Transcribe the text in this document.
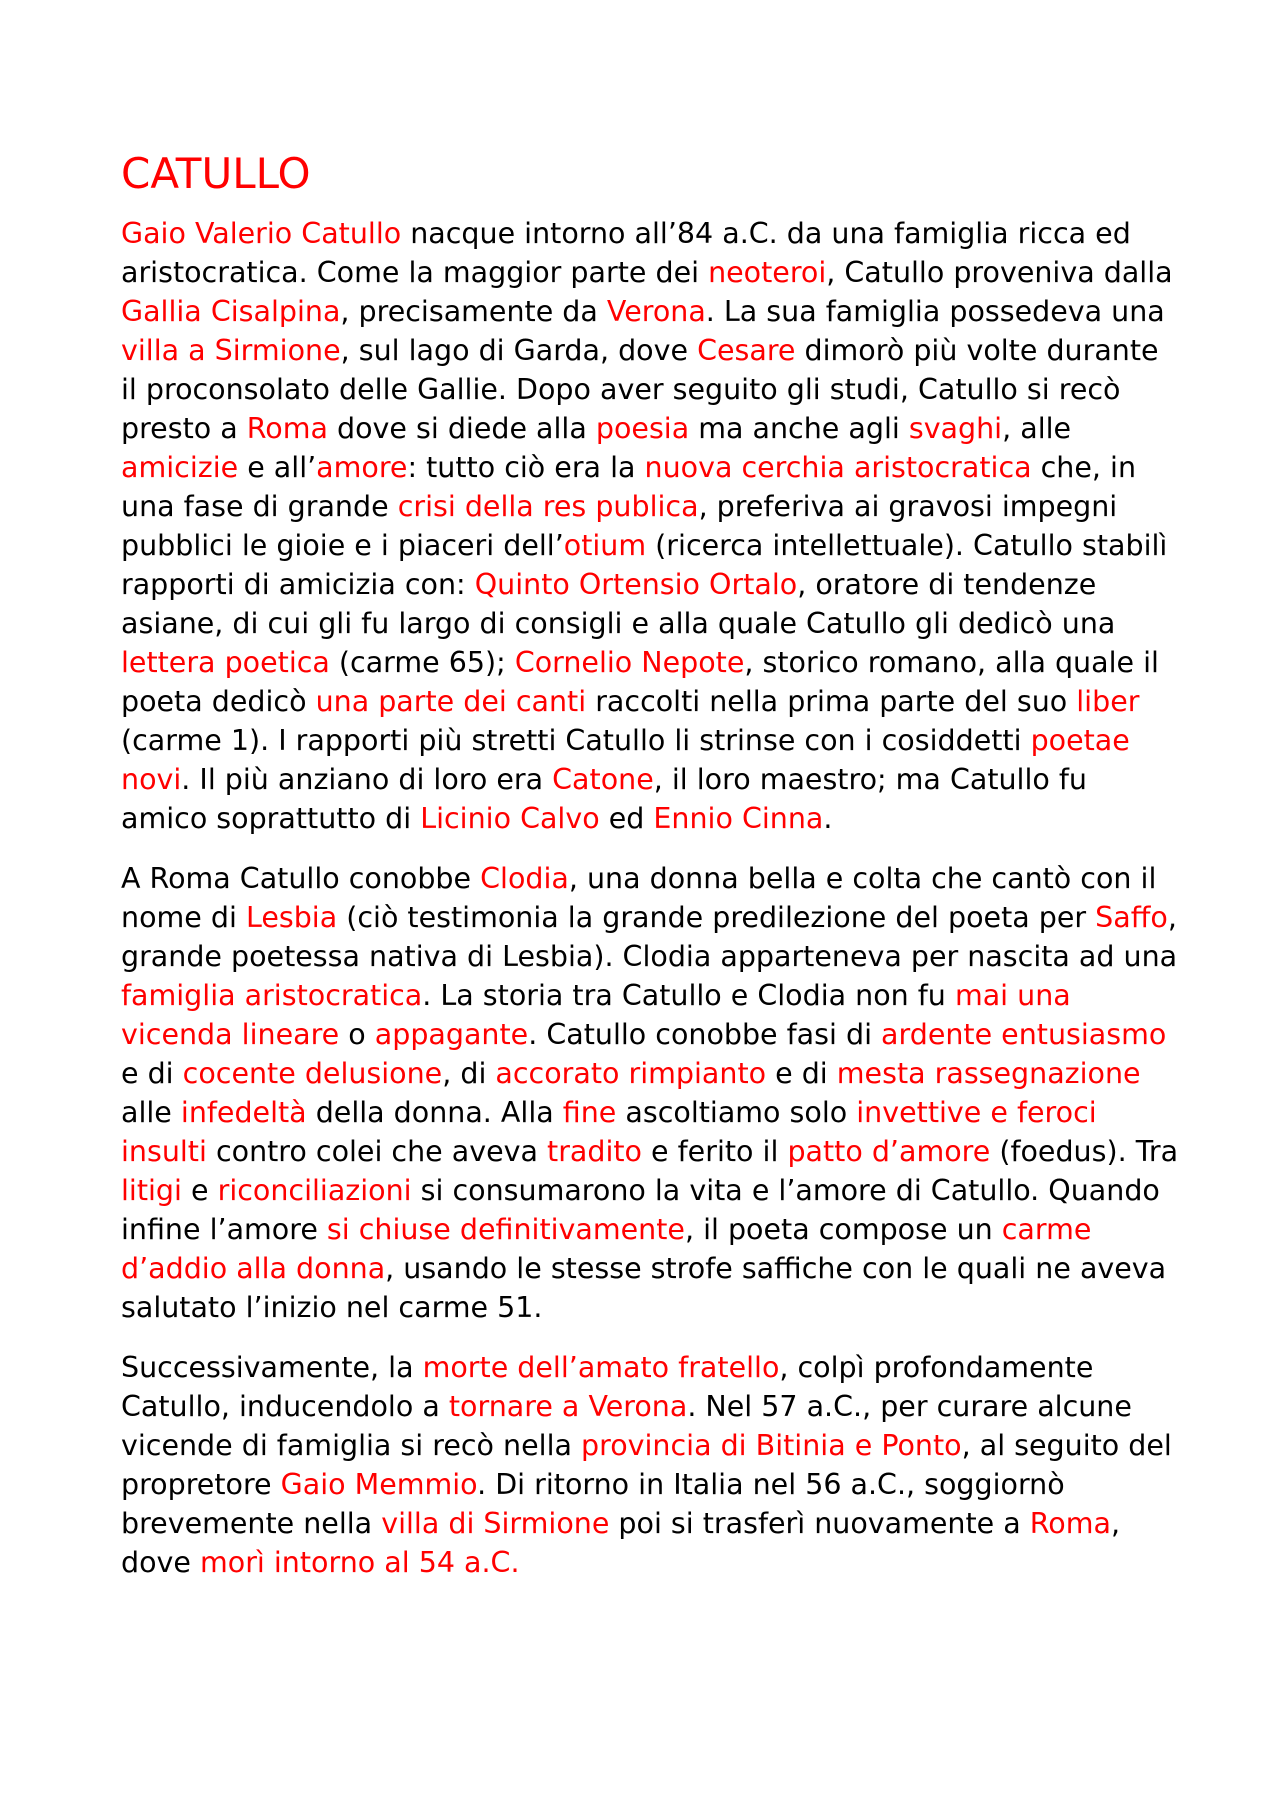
CATULLO

Gaio Valerio Catullo nacque intorno all’84 a.C. da una famiglia ricca ed aristocratica. Come la maggior parte dei neoteroi, Catullo proveniva dalla Gallia Cisalpina, precisamente da Verona. La sua famiglia possedeva una villa a Sirmione, sul lago di Garda, dove Cesare dimorò più volte durante il proconsolato delle Gallie. Dopo aver seguito gli studi, Catullo si recò presto a Roma dove si diede alla poesia ma anche agli svaghi, alle amicizie e all’amore: tutto ciò era la nuova cerchia aristocratica che, in una fase di grande crisi della res publica, preferiva ai gravosi impegni pubblici le gioie e i piaceri dell’otium (ricerca intellettuale). Catullo stabilì rapporti di amicizia con: Quinto Ortensio Ortalo, oratore di tendenze asiane, di cui gli fu largo di consigli e alla quale Catullo gli dedicò una lettera poetica (carme 65); Cornelio Nepote, storico romano, alla quale il poeta dedicò una parte dei canti raccolti nella prima parte del suo liber (carme 1). I rapporti più stretti Catullo li strinse con i cosiddetti poetae novi. Il più anziano di loro era Catone, il loro maestro; ma Catullo fu amico soprattutto di Licinio Calvo ed Ennio Cinna.

A Roma Catullo conobbe Clodia, una donna bella e colta che cantò con il nome di Lesbia (ciò testimonia la grande predilezione del poeta per Saffo, grande poetessa nativa di Lesbia). Clodia apparteneva per nascita ad una famiglia aristocratica. La storia tra Catullo e Clodia non fu mai una vicenda lineare o appagante. Catullo conobbe fasi di ardente entusiasmo e di cocente delusione, di accorato rimpianto e di mesta rassegnazione alle infedeltà della donna. Alla fine ascoltiamo solo invettive e feroci insulti contro colei che aveva tradito e ferito il patto d’amore (foedus). Tra litigi e riconciliazioni si consumarono la vita e l’amore di Catullo. Quando infine l’amore si chiuse definitivamente, il poeta compose un carme d’addio alla donna, usando le stesse strofe saffiche con le quali ne aveva salutato l’inizio nel carme 51.

Successivamente, la morte dell’amato fratello, colpì profondamente Catullo, inducendolo a tornare a Verona. Nel 57 a.C., per curare alcune vicende di famiglia si recò nella provincia di Bitinia e Ponto, al seguito del propretore Gaio Memmio. Di ritorno in Italia nel 56 a.C., soggiornò brevemente nella villa di Sirmione poi si trasferì nuovamente a Roma, dove morì intorno al 54 a.C.
